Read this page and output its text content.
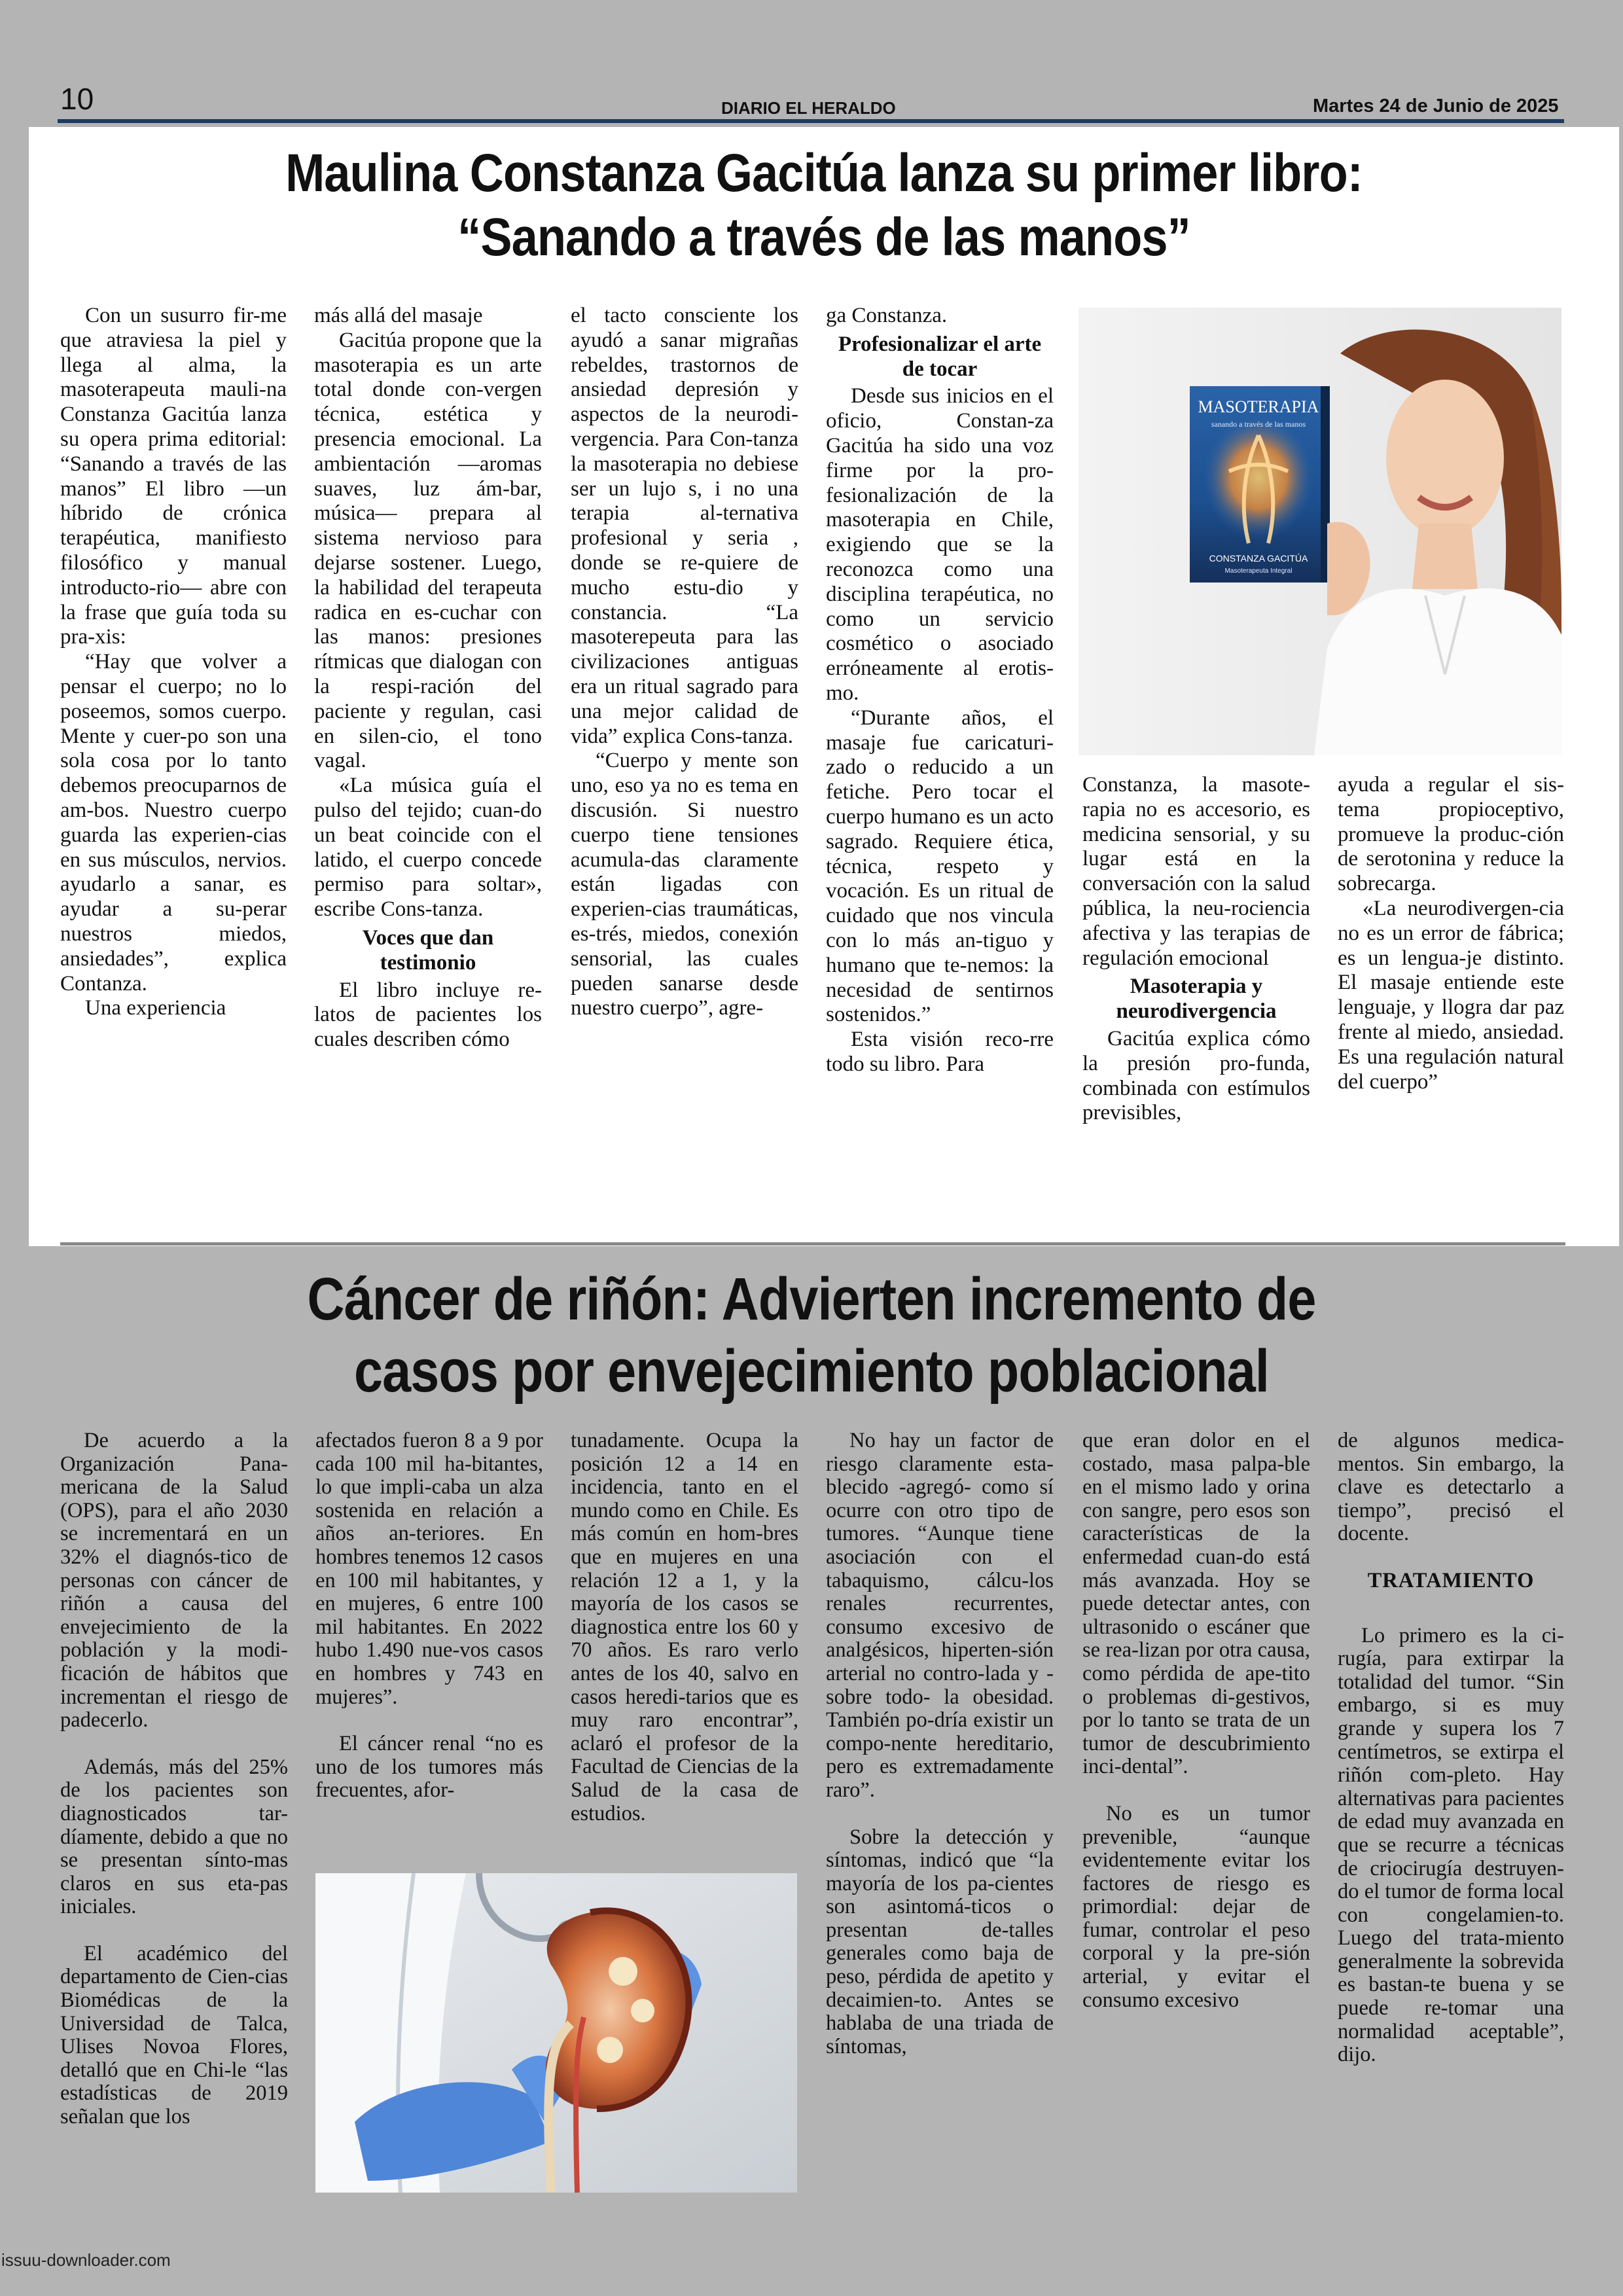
10	DIARIO EL HERALDO	Martes 24 de Junio de 2025
Maulina Constanza Gacitúa lanza su primer libro:
“Sanando a través de las manos”

Con un susurro fir-me que atraviesa la piel y llega al alma, la masoterapeuta mauli-na Constanza Gacitúa lanza su opera prima editorial: “Sanando a través de las manos” El libro —un híbrido de crónica terapéutica, manifiesto filosófico y manual introducto-rio— abre con la frase que guía toda su pra-xis:

“Hay que volver a pensar el cuerpo; no lo poseemos, somos cuerpo. Mente y cuer-po son una sola cosa por lo tanto debemos preocuparnos de am-bos. Nuestro cuerpo guarda las experien-cias en sus músculos, nervios. ayudarlo a sanar, es ayudar a su-perar nuestros miedos, ansiedades”, explica Contanza.

Una experiencia

más allá del masaje

Gacitúa propone que la masoterapia es un arte total donde con-vergen técnica, estética y presencia emocional. La ambientación —aromas suaves, luz ám-bar, música— prepara al sistema nervioso para dejarse sostener. Luego, la habilidad del terapeuta radica en es-cuchar con las manos: presiones rítmicas que dialogan con la respi-ración del paciente y regulan, casi en silen-cio, el tono vagal.

«La música guía el pulso del tejido; cuan-do un beat coincide con el latido, el cuerpo concede permiso para soltar», escribe Cons-tanza.

Voces que dan testimonio

El libro incluye re-latos de pacientes los cuales describen cómo

el tacto consciente los ayudó a sanar migrañas rebeldes, trastornos de ansiedad depresión y aspectos de la neurodi-vergencia. Para Con-tanza la masoterapia no debiese ser un lujo s, i no una terapia al-ternativa profesional y seria , donde se re-quiere de mucho estu-dio y constancia. “La masoterepeuta para las civilizaciones antiguas era un ritual sagrado para una mejor calidad de vida” explica Cons-tanza.

“Cuerpo y mente son uno, eso ya no es tema en discusión. Si nuestro cuerpo tiene tensiones acumula-das claramente están ligadas con experien-cias traumáticas, es-trés, miedos, conexión sensorial, las cuales pueden sanarse desde nuestro cuerpo”, agre-

ga Constanza.

Profesionalizar el arte de tocar

Desde sus inicios en el oficio, Constan-za Gacitúa ha sido una voz firme por la pro-fesionalización de la masoterapia en Chile, exigiendo que se la reconozca como una disciplina terapéutica, no como un servicio cosmético o asociado erróneamente al erotis-mo.

“Durante años, el masaje fue caricaturi-zado o reducido a un fetiche. Pero tocar el cuerpo humano es un acto sagrado. Requiere ética, técnica, respeto y vocación. Es un ritual de cuidado que nos vincula con lo más an-tiguo y humano que te-nemos: la necesidad de sentirnos sostenidos.”

Esta visión reco-rre todo su libro. Para

MASOTERAPIA
sanando a través de las manos
CONSTANZA GACITÚA
Masoterapeuta Integral

Constanza, la masote-rapia no es accesorio, es medicina sensorial, y su lugar está en la conversación con la salud pública, la neu-rociencia afectiva y las terapias de regulación emocional

Masoterapia y neurodivergencia

Gacitúa explica cómo la presión pro-funda, combinada con estímulos previsibles,

ayuda a regular el sis-tema propioceptivo, promueve la produc-ción de serotonina y reduce la sobrecarga.

«La neurodivergen-cia no es un error de fábrica; es un lengua-je distinto. El masaje entiende este lenguaje, y llogra dar paz frente al miedo, ansiedad. Es una regulación natural del cuerpo”

Cáncer de riñón: Advierten incremento de
casos por envejecimiento poblacional

De acuerdo a la Organización Pana-mericana de la Salud (OPS), para el año 2030 se incrementará en un 32% el diagnós-tico de personas con cáncer de riñón a causa del envejecimiento de la población y la modi-ficación de hábitos que incrementan el riesgo de padecerlo.

Además, más del 25% de los pacientes son diagnosticados tar-díamente, debido a que no se presentan sínto-mas claros en sus eta-pas iniciales.

El académico del departamento de Cien-cias Biomédicas de la Universidad de Talca, Ulises Novoa Flores, detalló que en Chi-le “las estadísticas de 2019 señalan que los

afectados fueron 8 a 9 por cada 100 mil ha-bitantes, lo que impli-caba un alza sostenida en relación a años an-teriores. En hombres tenemos 12 casos en 100 mil habitantes, y en mujeres, 6 entre 100 mil habitantes. En 2022 hubo 1.490 nue-vos casos en hombres y 743 en mujeres”.

El cáncer renal “no es uno de los tumores más frecuentes, afor-

tunadamente. Ocupa la posición 12 a 14 en incidencia, tanto en el mundo como en Chile. Es más común en hom-bres que en mujeres en una relación 12 a 1, y la mayoría de los casos se diagnostica entre los 60 y 70 años. Es raro verlo antes de los 40, salvo en casos heredi-tarios que es muy raro encontrar”, aclaró el profesor de la Facultad de Ciencias de la Salud de la casa de estudios.

No hay un factor de riesgo claramente esta-blecido -agregó- como sí ocurre con otro tipo de tumores. “Aunque tiene asociación con el tabaquismo, cálcu-los renales recurrentes, consumo excesivo de analgésicos, hiperten-sión arterial no contro-lada y -sobre todo- la obesidad. También po-dría existir un compo-nente hereditario, pero es extremadamente raro”.

Sobre la detección y síntomas, indicó que “la mayoría de los pa-cientes son asintomá-ticos o presentan de-talles generales como baja de peso, pérdida de apetito y decaimien-to. Antes se hablaba de una triada de síntomas,

que eran dolor en el costado, masa palpa-ble en el mismo lado y orina con sangre, pero esos son características de la enfermedad cuan-do está más avanzada. Hoy se puede detectar antes, con ultrasonido o escáner que se rea-lizan por otra causa, como pérdida de ape-tito o problemas di-gestivos, por lo tanto se trata de un tumor de descubrimiento inci-dental”.

No es un tumor prevenible, “aunque evidentemente evitar los factores de riesgo es primordial: dejar de fumar, controlar el peso corporal y la pre-sión arterial, y evitar el consumo excesivo

de algunos medica-mentos. Sin embargo, la clave es detectarlo a tiempo”, precisó el docente.

TRATAMIENTO

Lo primero es la ci-rugía, para extirpar la totalidad del tumor. “Sin embargo, si es muy grande y supera los 7 centímetros, se extirpa el riñón com-pleto. Hay alternativas para pacientes de edad muy avanzada en que se recurre a técnicas de criocirugía destruyen-do el tumor de forma local con congelamien-to. Luego del trata-miento generalmente la sobrevida es bastan-te buena y se puede re-tomar una normalidad aceptable”, dijo.

issuu-downloader.com
